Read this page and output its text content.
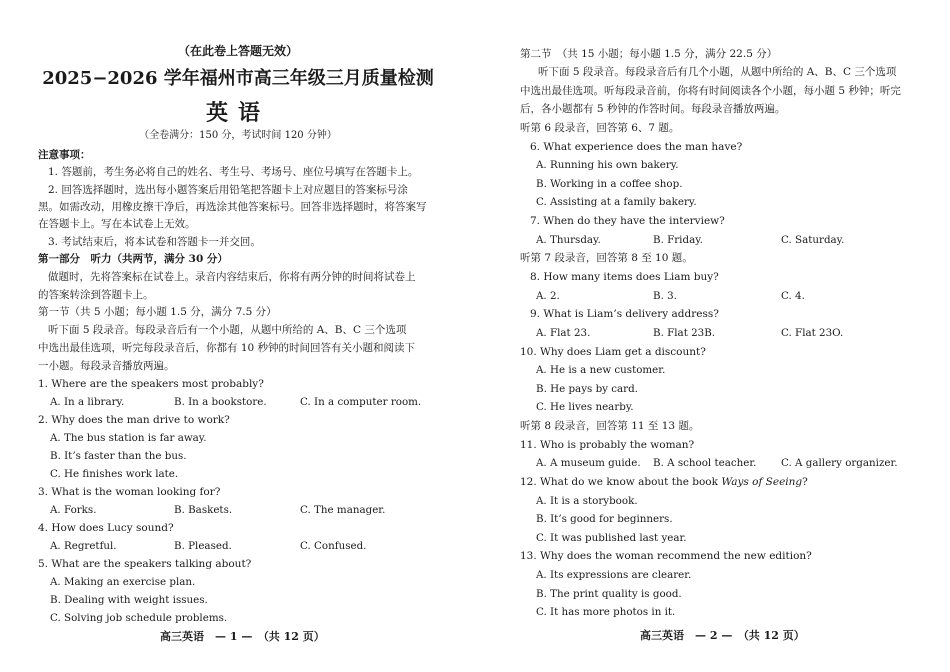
（在此卷上答题无效）
2025−2026 学年福州市高三年级三月质量检测
英语
（全卷满分：150 分，考试时间 120 分钟）
注意事项：
1. 答题前，考生务必将自己的姓名、考生号、考场号、座位号填写在答题卡上。
2. 回答选择题时，选出每小题答案后用铅笔把答题卡上对应题目的答案标号涂
黑。如需改动，用橡皮擦干净后，再选涂其他答案标号。回答非选择题时，将答案写
在答题卡上。写在本试卷上无效。
3. 考试结束后，将本试卷和答题卡一并交回。
第一部分　听力（共两节，满分 30 分）
做题时，先将答案标在试卷上。录音内容结束后，你将有两分钟的时间将试卷上
的答案转涂到答题卡上。
第一节（共 5 小题；每小题 1.5 分，满分 7.5 分）
听下面 5 段录音。每段录音后有一个小题，从题中所给的 A、B、C 三个选项
中选出最佳选项，听完每段录音后，你都有 10 秒钟的时间回答有关小题和阅读下
一小题。每段录音播放两遍。
1. Where are the speakers most probably?
A. In a library.	B. In a bookstore.	C. In a computer room.
2. Why does the man drive to work?
A. The bus station is far away.
B. It’s faster than the bus.
C. He finishes work late.
3. What is the woman looking for?
A. Forks.	B. Baskets.	C. The manager.
4. How does Lucy sound?
A. Regretful.	B. Pleased.	C. Confused.
5. What are the speakers talking about?
A. Making an exercise plan.
B. Dealing with weight issues.
C. Solving job schedule problems.
高三英语　— 1 —　（共 12 页）
第二节　（共 15 小题；每小题 1.5 分，满分 22.5 分）
听下面 5 段录音。每段录音后有几个小题，从题中所给的 A、B、C 三个选项
中选出最佳选项。听每段录音前，你将有时间阅读各个小题，每小题 5 秒钟；听完
后，各小题都有 5 秒钟的作答时间。每段录音播放两遍。
听第 6 段录音，回答第 6、7 题。
6. What experience does the man have?
A. Running his own bakery.
B. Working in a coffee shop.
C. Assisting at a family bakery.
7. When do they have the interview?
A. Thursday.	B. Friday.	C. Saturday.
听第 7 段录音，回答第 8 至 10 题。
8. How many items does Liam buy?
A. 2.	B. 3.	C. 4.
9. What is Liam’s delivery address?
A. Flat 23.	B. Flat 23B.	C. Flat 23O.
10. Why does Liam get a discount?
A. He is a new customer.
B. He pays by card.
C. He lives nearby.
听第 8 段录音，回答第 11 至 13 题。
11. Who is probably the woman?
A. A museum guide. B. A school teacher. C. A gallery organizer.
12. What do we know about the book Ways of Seeing?
A. It is a storybook.
B. It’s good for beginners.
C. It was published last year.
13. Why does the woman recommend the new edition?
A. Its expressions are clearer.
B. The print quality is good.
C. It has more photos in it.
高三英语　— 2 —　（共 12 页）
